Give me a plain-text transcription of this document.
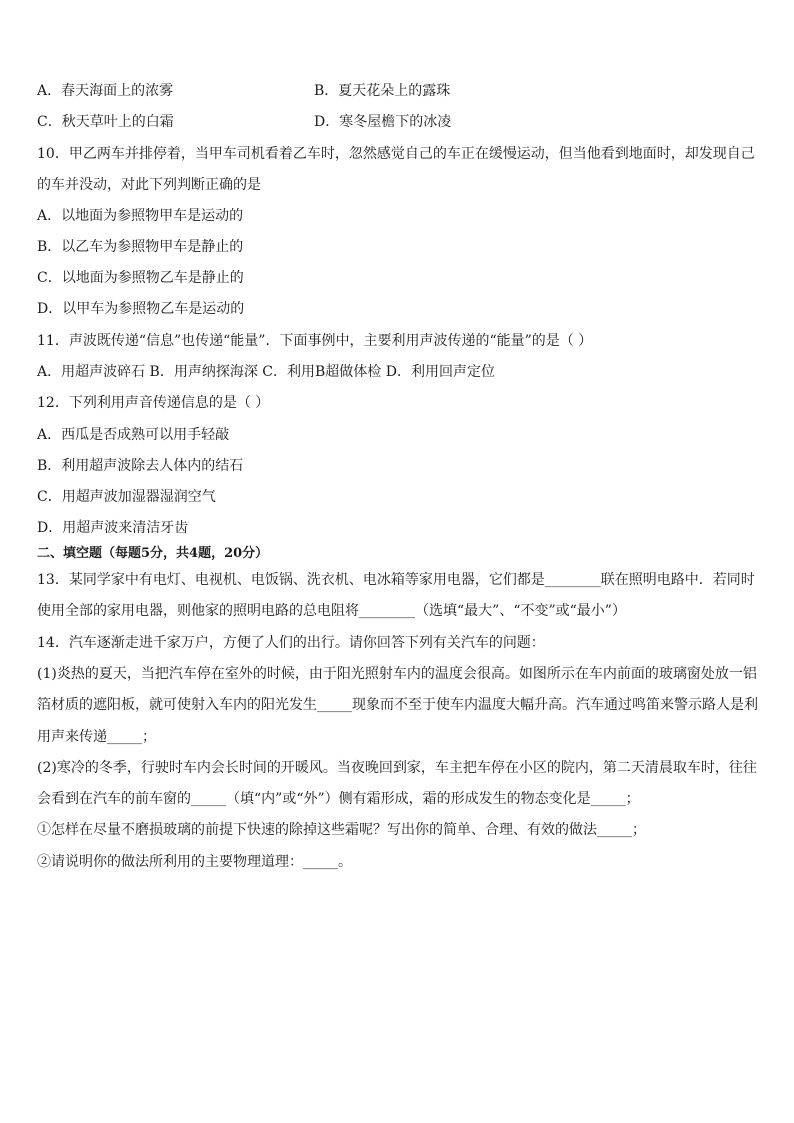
A．春天海面上的浓雾	B．夏天花朵上的露珠
C．秋天草叶上的白霜	D．寒冬屋檐下的冰凌
10．甲乙两车并排停着，当甲车司机看着乙车时，忽然感觉自己的车正在缓慢运动，但当他看到地面时，却发现自己
的车并没动，对此下列判断正确的是
A．以地面为参照物甲车是运动的
B．以乙车为参照物甲车是静止的
C．以地面为参照物乙车是静止的
D．以甲车为参照物乙车是运动的
11．声波既传递“信息”也传递“能量”．下面事例中，主要利用声波传递的“能量”的是（ ）
A．用超声波碎石 B．用声纳探海深 C．利用B超做体检 D．利用回声定位
12．下列利用声音传递信息的是（ ）
A．西瓜是否成熟可以用手轻敲
B．利用超声波除去人体内的结石
C．用超声波加湿器湿润空气
D．用超声波来清洁牙齿
二、填空题（每题5分，共4题，20分）
13．某同学家中有电灯、电视机、电饭锅、洗衣机、电冰箱等家用电器，它们都是________联在照明电路中．若同时
使用全部的家用电器，则他家的照明电路的总电阻将________（选填“最大”、“不变”或“最小”）
14．汽车逐渐走进千家万户，方便了人们的出行。请你回答下列有关汽车的问题：
(1)炎热的夏天，当把汽车停在室外的时候，由于阳光照射车内的温度会很高。如图所示在车内前面的玻璃窗处放一铝
箔材质的遮阳板，就可使射入车内的阳光发生_____现象而不至于使车内温度大幅升高。汽车通过鸣笛来警示路人是利
用声来传递_____；
(2)寒冷的冬季，行驶时车内会长时间的开暖风。当夜晚回到家，车主把车停在小区的院内，第二天清晨取车时，往往
会看到在汽车的前车窗的_____（填“内”或“外”）侧有霜形成，霜的形成发生的物态变化是_____；
①怎样在尽量不磨损玻璃的前提下快速的除掉这些霜呢？写出你的简单、合理、有效的做法_____；
②请说明你的做法所利用的主要物理道理：_____。
